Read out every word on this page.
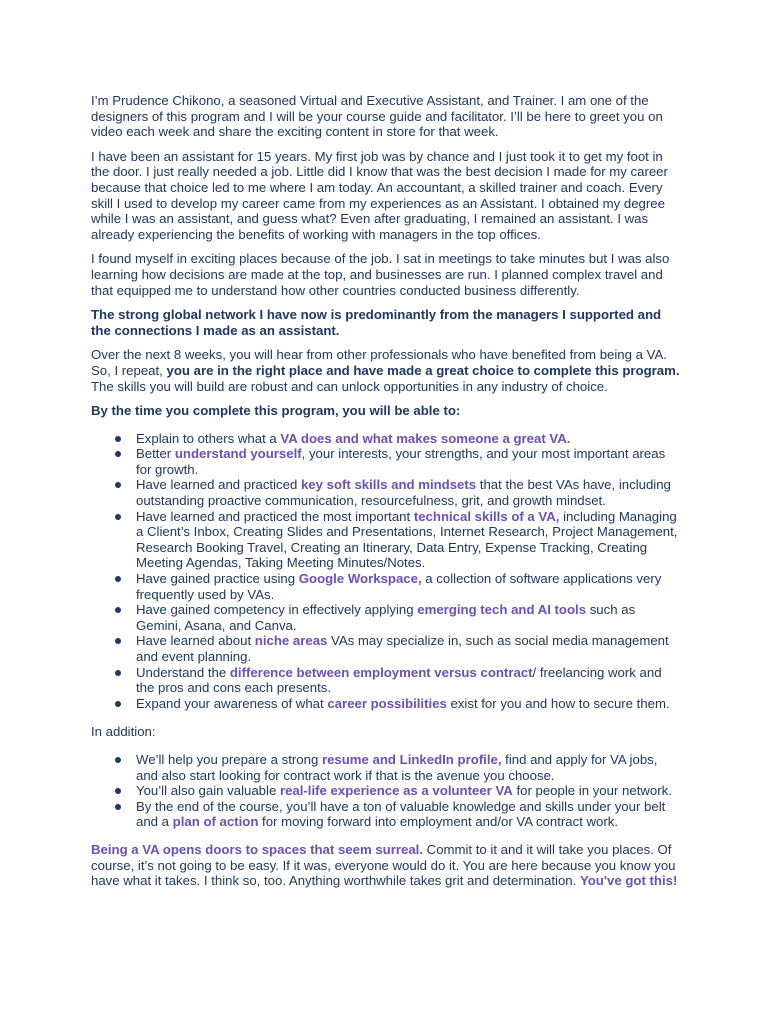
I’m Prudence Chikono, a seasoned Virtual and Executive Assistant, and Trainer. I am one of the designers of this program and I will be your course guide and facilitator. I’ll be here to greet you on video each week and share the exciting content in store for that week.

I have been an assistant for 15 years. My first job was by chance and I just took it to get my foot in the door. I just really needed a job. Little did I know that was the best decision I made for my career because that choice led to me where I am today. An accountant, a skilled trainer and coach. Every skill I used to develop my career came from my experiences as an Assistant. I obtained my degree while I was an assistant, and guess what? Even after graduating, I remained an assistant. I was already experiencing the benefits of working with managers in the top offices.

I found myself in exciting places because of the job. I sat in meetings to take minutes but I was also learning how decisions are made at the top, and businesses are run. I planned complex travel and that equipped me to understand how other countries conducted business differently.

The strong global network I have now is predominantly from the managers I supported and the connections I made as an assistant.

Over the next 8 weeks, you will hear from other professionals who have benefited from being a VA. So, I repeat, you are in the right place and have made a great choice to complete this program. The skills you will build are robust and can unlock opportunities in any industry of choice.

By the time you complete this program, you will be able to:

Explain to others what a VA does and what makes someone a great VA.
Better understand yourself, your interests, your strengths, and your most important areas for growth.
Have learned and practiced key soft skills and mindsets that the best VAs have, including outstanding proactive communication, resourcefulness, grit, and growth mindset.
Have learned and practiced the most important technical skills of a VA, including Managing a Client’s Inbox, Creating Slides and Presentations, Internet Research, Project Management, Research Booking Travel, Creating an Itinerary, Data Entry, Expense Tracking, Creating Meeting Agendas, Taking Meeting Minutes/Notes.
Have gained practice using Google Workspace, a collection of software applications very frequently used by VAs.
Have gained competency in effectively applying emerging tech and AI tools such as Gemini, Asana, and Canva.
Have learned about niche areas VAs may specialize in, such as social media management and event planning.
Understand the difference between employment versus contract/ freelancing work and the pros and cons each presents.
Expand your awareness of what career possibilities exist for you and how to secure them.

In addition:

We’ll help you prepare a strong resume and LinkedIn profile, find and apply for VA jobs, and also start looking for contract work if that is the avenue you choose.
You’ll also gain valuable real-life experience as a volunteer VA for people in your network.
By the end of the course, you’ll have a ton of valuable knowledge and skills under your belt and a plan of action for moving forward into employment and/or VA contract work.

Being a VA opens doors to spaces that seem surreal. Commit to it and it will take you places. Of course, it’s not going to be easy. If it was, everyone would do it. You are here because you know you have what it takes. I think so, too. Anything worthwhile takes grit and determination. You've got this!
